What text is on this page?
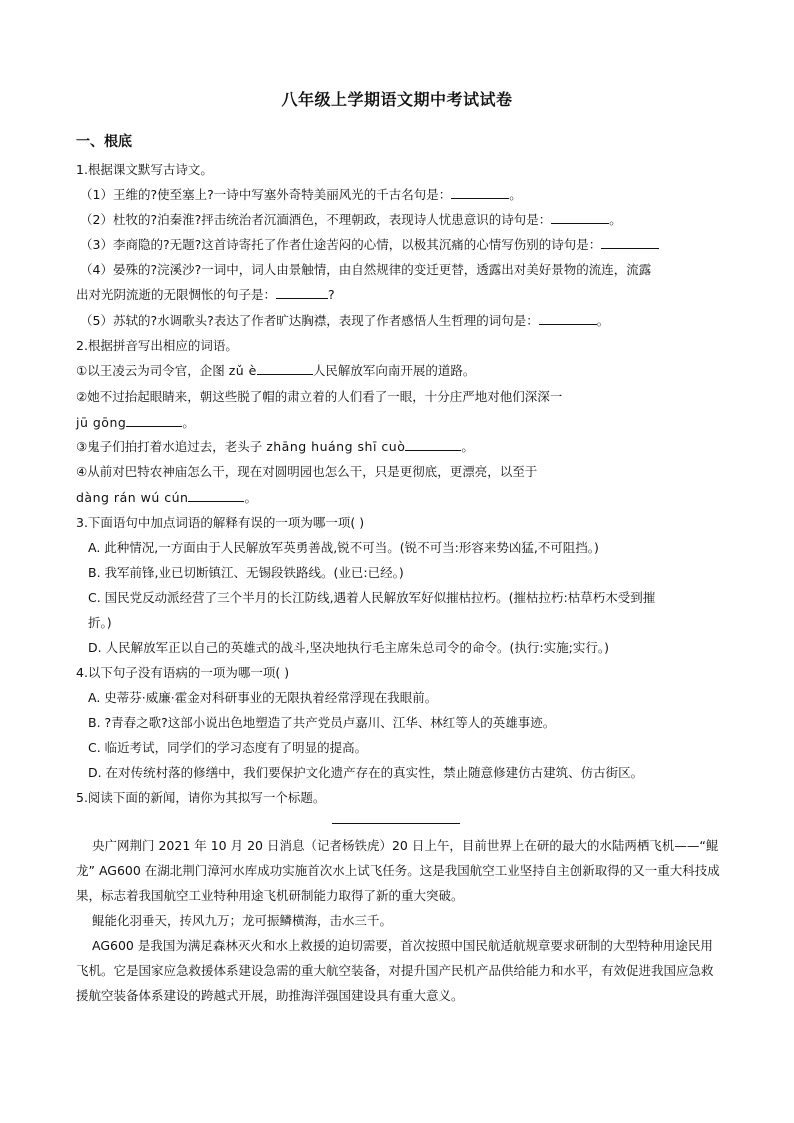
八年级上学期语文期中考试试卷
一、根底
1.根据课文默写古诗文。
（1）王维的?使至塞上?一诗中写塞外奇特美丽风光的千古名句是：	。
（2）杜牧的?泊秦淮?抨击统治者沉湎酒色，不理朝政，表现诗人忧患意识的诗句是：	。
（3）李商隐的?无题?这首诗寄托了作者仕途苦闷的心情，以极其沉痛的心情写伤别的诗句是：
（4）晏殊的?浣溪沙?一词中，词人由景触情，由自然规律的变迁更替，透露出对美好景物的流连，流露
出对光阴流逝的无限惆怅的句子是：	?
（5）苏轼的?水调歌头?表达了作者旷达胸襟，表现了作者感悟人生哲理的词句是：	。
2.根据拼音写出相应的词语。
①以王凌云为司令官，企图 zǔ è	人民解放军向南开展的道路。
②她不过抬起眼睛来，朝这些脱了帽的肃立着的人们看了一眼，十分庄严地对他们深深一
jū gōng	。
③鬼子们拍打着水追过去，老头子 zhāng huáng shī cuò	。
④从前对巴特农神庙怎么干，现在对圆明园也怎么干，只是更彻底，更漂亮，以至于
dàng rán wú cún	。
3.下面语句中加点词语的解释有误的一项为哪一项( )
A. 此种情况,一方面由于人民解放军英勇善战,锐不可当。(锐不可当:形容来势凶猛,不可阻挡。)
B. 我军前锋,业已切断镇江、无锡段铁路线。(业已:已经。)
C. 国民党反动派经营了三个半月的长江防线,遇着人民解放军好似摧枯拉朽。(摧枯拉朽:枯草朽木受到摧
折。)
D. 人民解放军正以自己的英雄式的战斗,坚决地执行毛主席朱总司令的命令。(执行:实施;实行。)
4.以下句子没有语病的一项为哪一项( )
A. 史蒂芬·威廉·霍金对科研事业的无限执着经常浮现在我眼前。
B. ?青春之歌?这部小说出色地塑造了共产党员卢嘉川、江华、林红等人的英雄事迹。
C. 临近考试，同学们的学习态度有了明显的提高。
D. 在对传统村落的修缮中，我们要保护文化遗产存在的真实性，禁止随意修建仿古建筑、仿古街区。
5.阅读下面的新闻，请你为其拟写一个标题。
央广网荆门 2021 年 10 月 20 日消息（记者杨铁虎）20 日上午，目前世界上在研的最大的水陆两栖飞机——“鲲龙” AG600 在湖北荆门漳河水库成功实施首次水上试飞任务。这是我国航空工业坚持自主创新取得的又一重大科技成果，标志着我国航空工业特种用途飞机研制能力取得了新的重大突破。
鲲能化羽垂天，抟风九万；龙可振鳞横海，击水三千。
AG600 是我国为满足森林灭火和水上救援的迫切需要，首次按照中国民航适航规章要求研制的大型特种用途民用飞机。它是国家应急救援体系建设急需的重大航空装备，对提升国产民机产品供给能力和水平，有效促进我国应急救援航空装备体系建设的跨越式开展，助推海洋强国建设具有重大意义。
